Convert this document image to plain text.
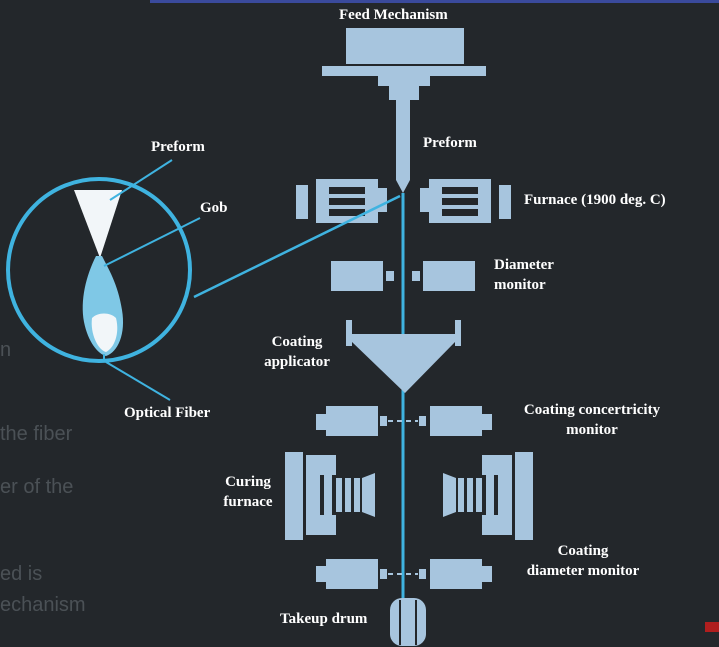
n
the fiber
er of the
ed is
echanism
Feed Mechanism
Preform
Preform
Gob
Optical Fiber
Furnace (1900 deg. C)
Diameter
monitor
Coating
applicator
Coating concertricity
monitor
Curing
furnace
Coating
diameter monitor
Takeup drum
